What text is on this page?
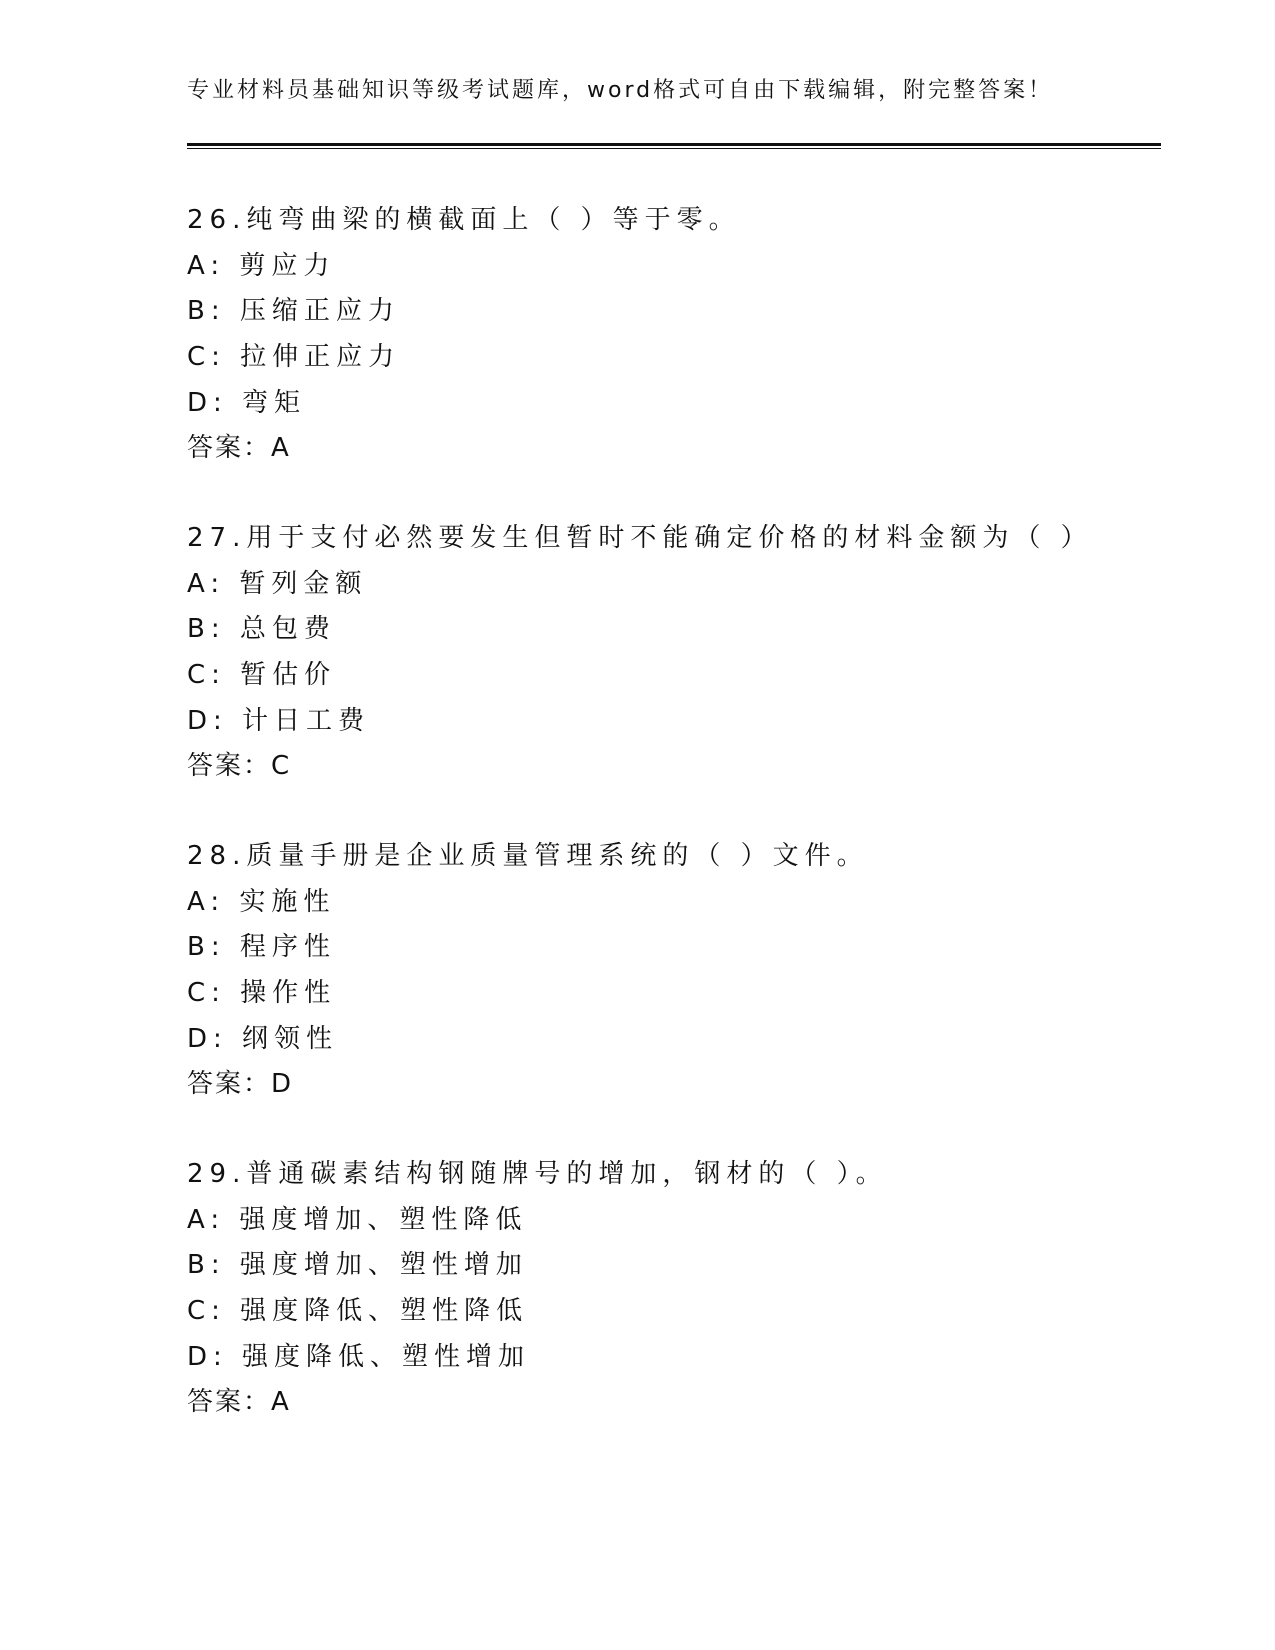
专业材料员基础知识等级考试题库，word格式可自由下载编辑，附完整答案！
26.纯弯曲梁的横截面上（ ）等于零。
A: 剪应力
B: 压缩正应力
C: 拉伸正应力
D: 弯矩
答案：A
27.用于支付必然要发生但暂时不能确定价格的材料金额为（ ）
A: 暂列金额
B: 总包费
C: 暂估价
D: 计日工费
答案：C
28.质量手册是企业质量管理系统的（ ）文件。
A: 实施性
B: 程序性
C: 操作性
D: 纲领性
答案：D
29.普通碳素结构钢随牌号的增加，钢材的（ ）。
A: 强度增加、塑性降低
B: 强度增加、塑性增加
C: 强度降低、塑性降低
D: 强度降低、塑性增加
答案：A
